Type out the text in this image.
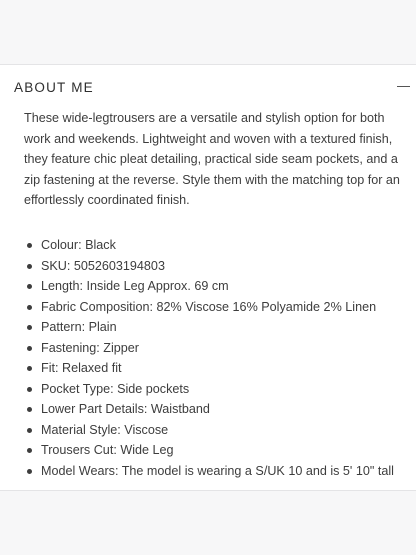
ABOUT ME

These wide-legtrousers are a versatile and stylish option for both work and weekends. Lightweight and woven with a textured finish, they feature chic pleat detailing, practical side seam pockets, and a zip fastening at the reverse. Style them with the matching top for an effortlessly coordinated finish.

Colour: Black
SKU: 5052603194803
Length: Inside Leg Approx. 69 cm
Fabric Composition: 82% Viscose 16% Polyamide 2% Linen
Pattern: Plain
Fastening: Zipper
Fit: Relaxed fit
Pocket Type: Side pockets
Lower Part Details: Waistband
Material Style: Viscose
Trousers Cut: Wide Leg
Model Wears: The model is wearing a S/UK 10 and is 5' 10" tall
